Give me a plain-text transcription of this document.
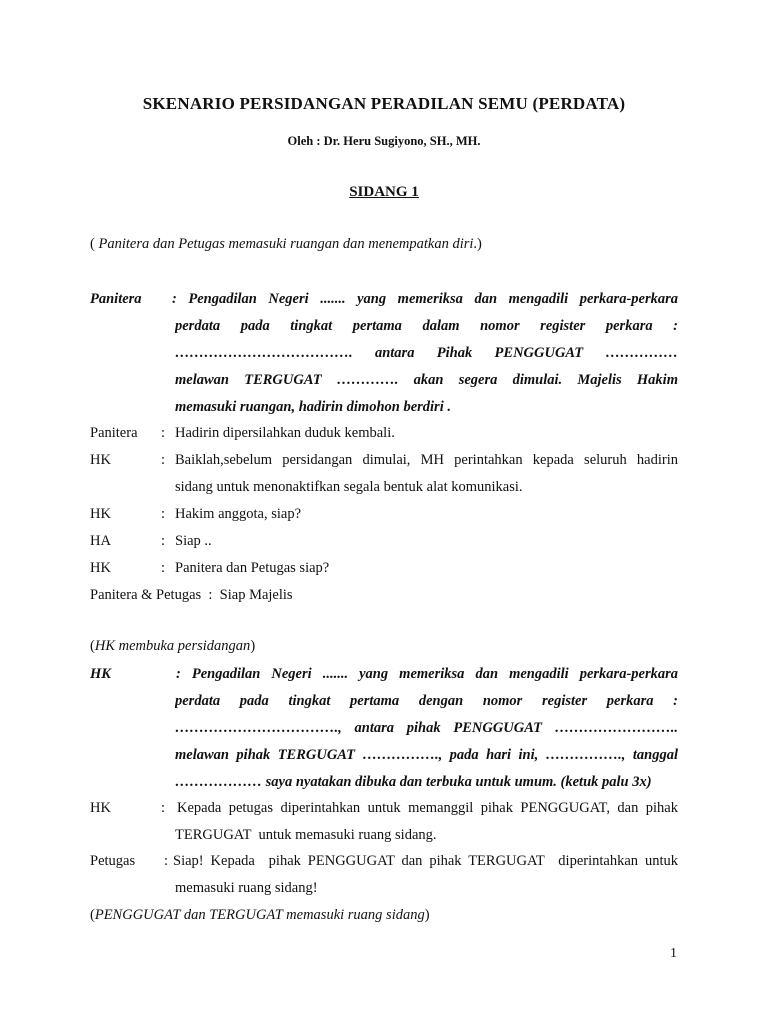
SKENARIO PERSIDANGAN PERADILAN SEMU (PERDATA)
Oleh : Dr. Heru Sugiyono, SH., MH.
SIDANG 1
( Panitera dan Petugas memasuki ruangan dan menempatkan diri.)
Panitera : Pengadilan Negeri ....... yang memeriksa dan mengadili perkara-perkara
perdata pada tingkat pertama dalam nomor register perkara :
………………………………. antara Pihak PENGGUGAT ……………
melawan TERGUGAT …………. akan segera dimulai. Majelis Hakim
memasuki ruangan, hadirin dimohon berdiri .
Panitera : Hadirin dipersilahkan duduk kembali.
HK	: Baiklah,sebelum persidangan dimulai, MH perintahkan kepada seluruh hadirin
sidang untuk menonaktifkan segala bentuk alat komunikasi.
HK	: Hakim anggota, siap?
HA	: Siap ..
HK	: Panitera dan Petugas siap?
Panitera & Petugas  :  Siap Majelis
(HK membuka persidangan)
HK	: Pengadilan Negeri ....... yang memeriksa dan mengadili perkara-perkara
perdata pada tingkat pertama dengan nomor register perkara :
……………………………., antara pihak PENGGUGAT ……………………..
melawan pihak TERGUGAT ……………., pada hari ini, ……………., tanggal
……………… saya nyatakan dibuka dan terbuka untuk umum. (ketuk palu 3x)
HK	: Kepada petugas diperintahkan untuk memanggil pihak PENGGUGAT, dan pihak
TERGUGAT  untuk memasuki ruang sidang.
Petugas : Siap! Kepada  pihak PENGGUGAT dan pihak TERGUGAT  diperintahkan untuk
memasuki ruang sidang!
(PENGGUGAT dan TERGUGAT memasuki ruang sidang)
1
